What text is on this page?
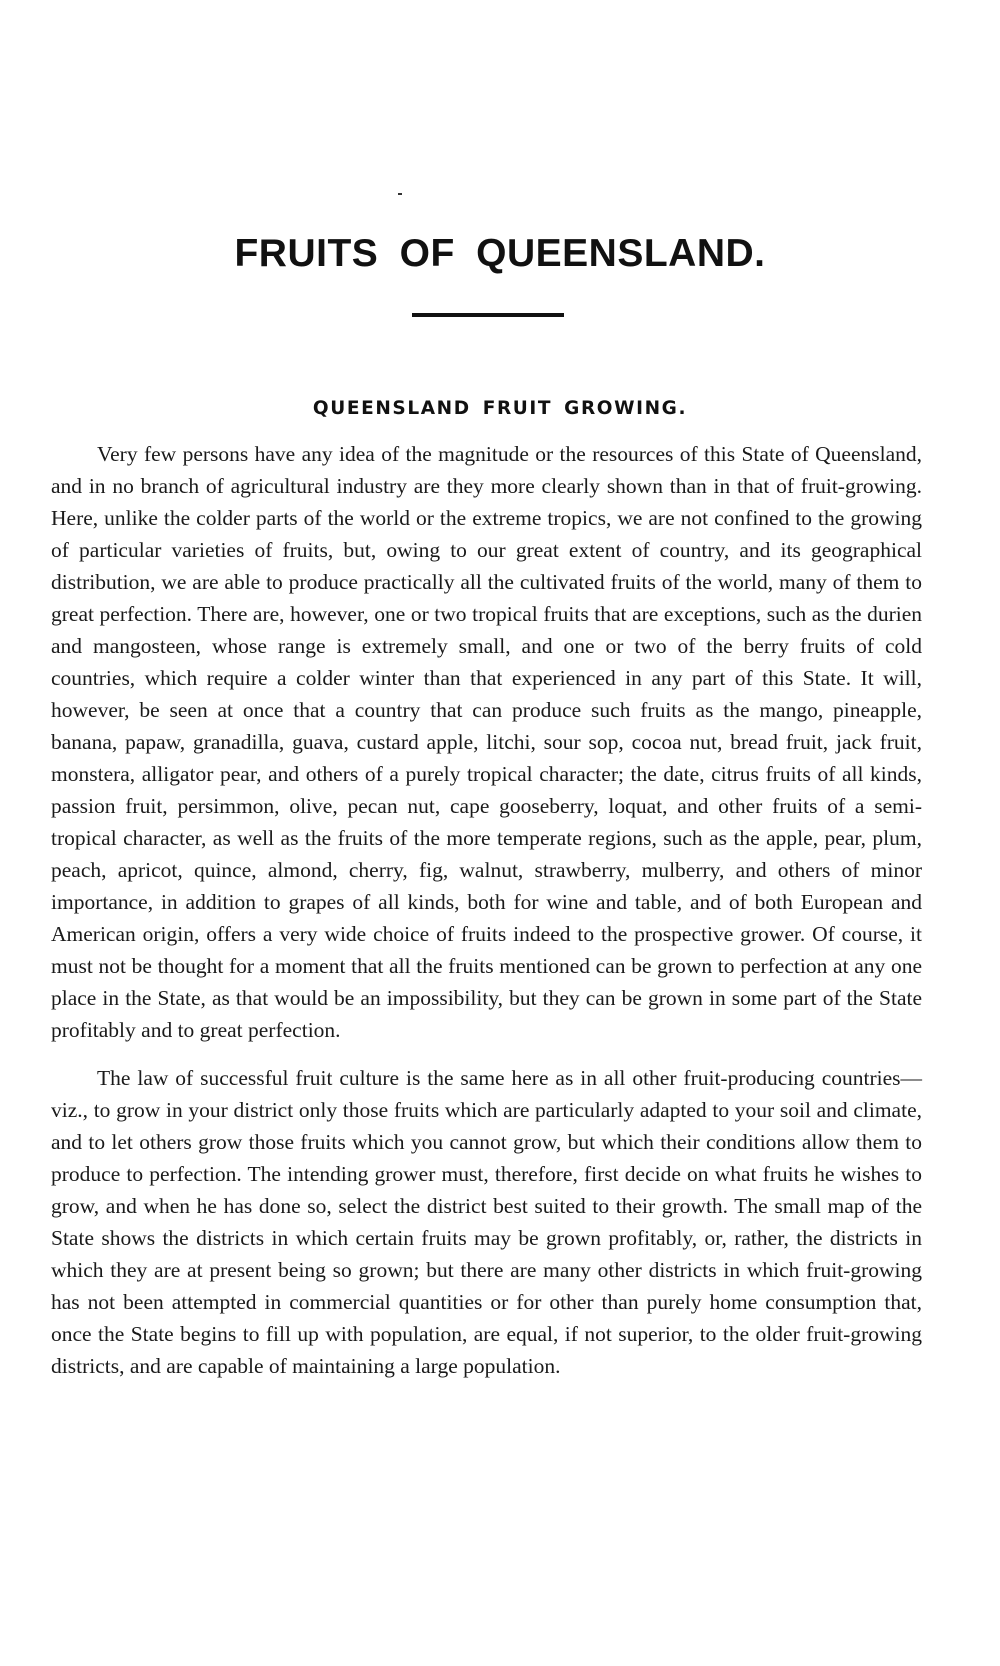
FRUITS OF QUEENSLAND.
QUEENSLAND FRUIT GROWING.

Very few persons have any idea of the magnitude or the resources of this State of Queensland, and in no branch of agricultural industry are they more clearly shown than in that of fruit-growing. Here, unlike the colder parts of the world or the extreme tropics, we are not confined to the growing of particular varieties of fruits, but, owing to our great extent of country, and its geographical distribution, we are able to produce practically all the cultivated fruits of the world, many of them to great perfection. There are, however, one or two tropical fruits that are exceptions, such as the durien and mangosteen, whose range is extremely small, and one or two of the berry fruits of cold countries, which require a colder winter than that experienced in any part of this State. It will, however, be seen at once that a country that can produce such fruits as the mango, pineapple, banana, papaw, granadilla, guava, custard apple, litchi, sour sop, cocoa nut, bread fruit, jack fruit, monstera, alligator pear, and others of a purely tropical character; the date, citrus fruits of all kinds, passion fruit, persimmon, olive, pecan nut, cape gooseberry, loquat, and other fruits of a semi-tropical character, as well as the fruits of the more temperate regions, such as the apple, pear, plum, peach, apricot, quince, almond, cherry, fig, walnut, strawberry, mulberry, and others of minor importance, in addition to grapes of all kinds, both for wine and table, and of both European and American origin, offers a very wide choice of fruits indeed to the prospective grower. Of course, it must not be thought for a moment that all the fruits mentioned can be grown to perfection at any one place in the State, as that would be an impossibility, but they can be grown in some part of the State profitably and to great perfection.

The law of successful fruit culture is the same here as in all other fruit-producing countries—viz., to grow in your district only those fruits which are particularly adapted to your soil and climate, and to let others grow those fruits which you cannot grow, but which their conditions allow them to produce to perfection. The intending grower must, therefore, first decide on what fruits he wishes to grow, and when he has done so, select the district best suited to their growth. The small map of the State shows the districts in which certain fruits may be grown profitably, or, rather, the districts in which they are at present being so grown; but there are many other districts in which fruit-growing has not been attempted in commercial quantities or for other than purely home consumption that, once the State begins to fill up with population, are equal, if not superior, to the older fruit-growing districts, and are capable of maintaining a large population.
